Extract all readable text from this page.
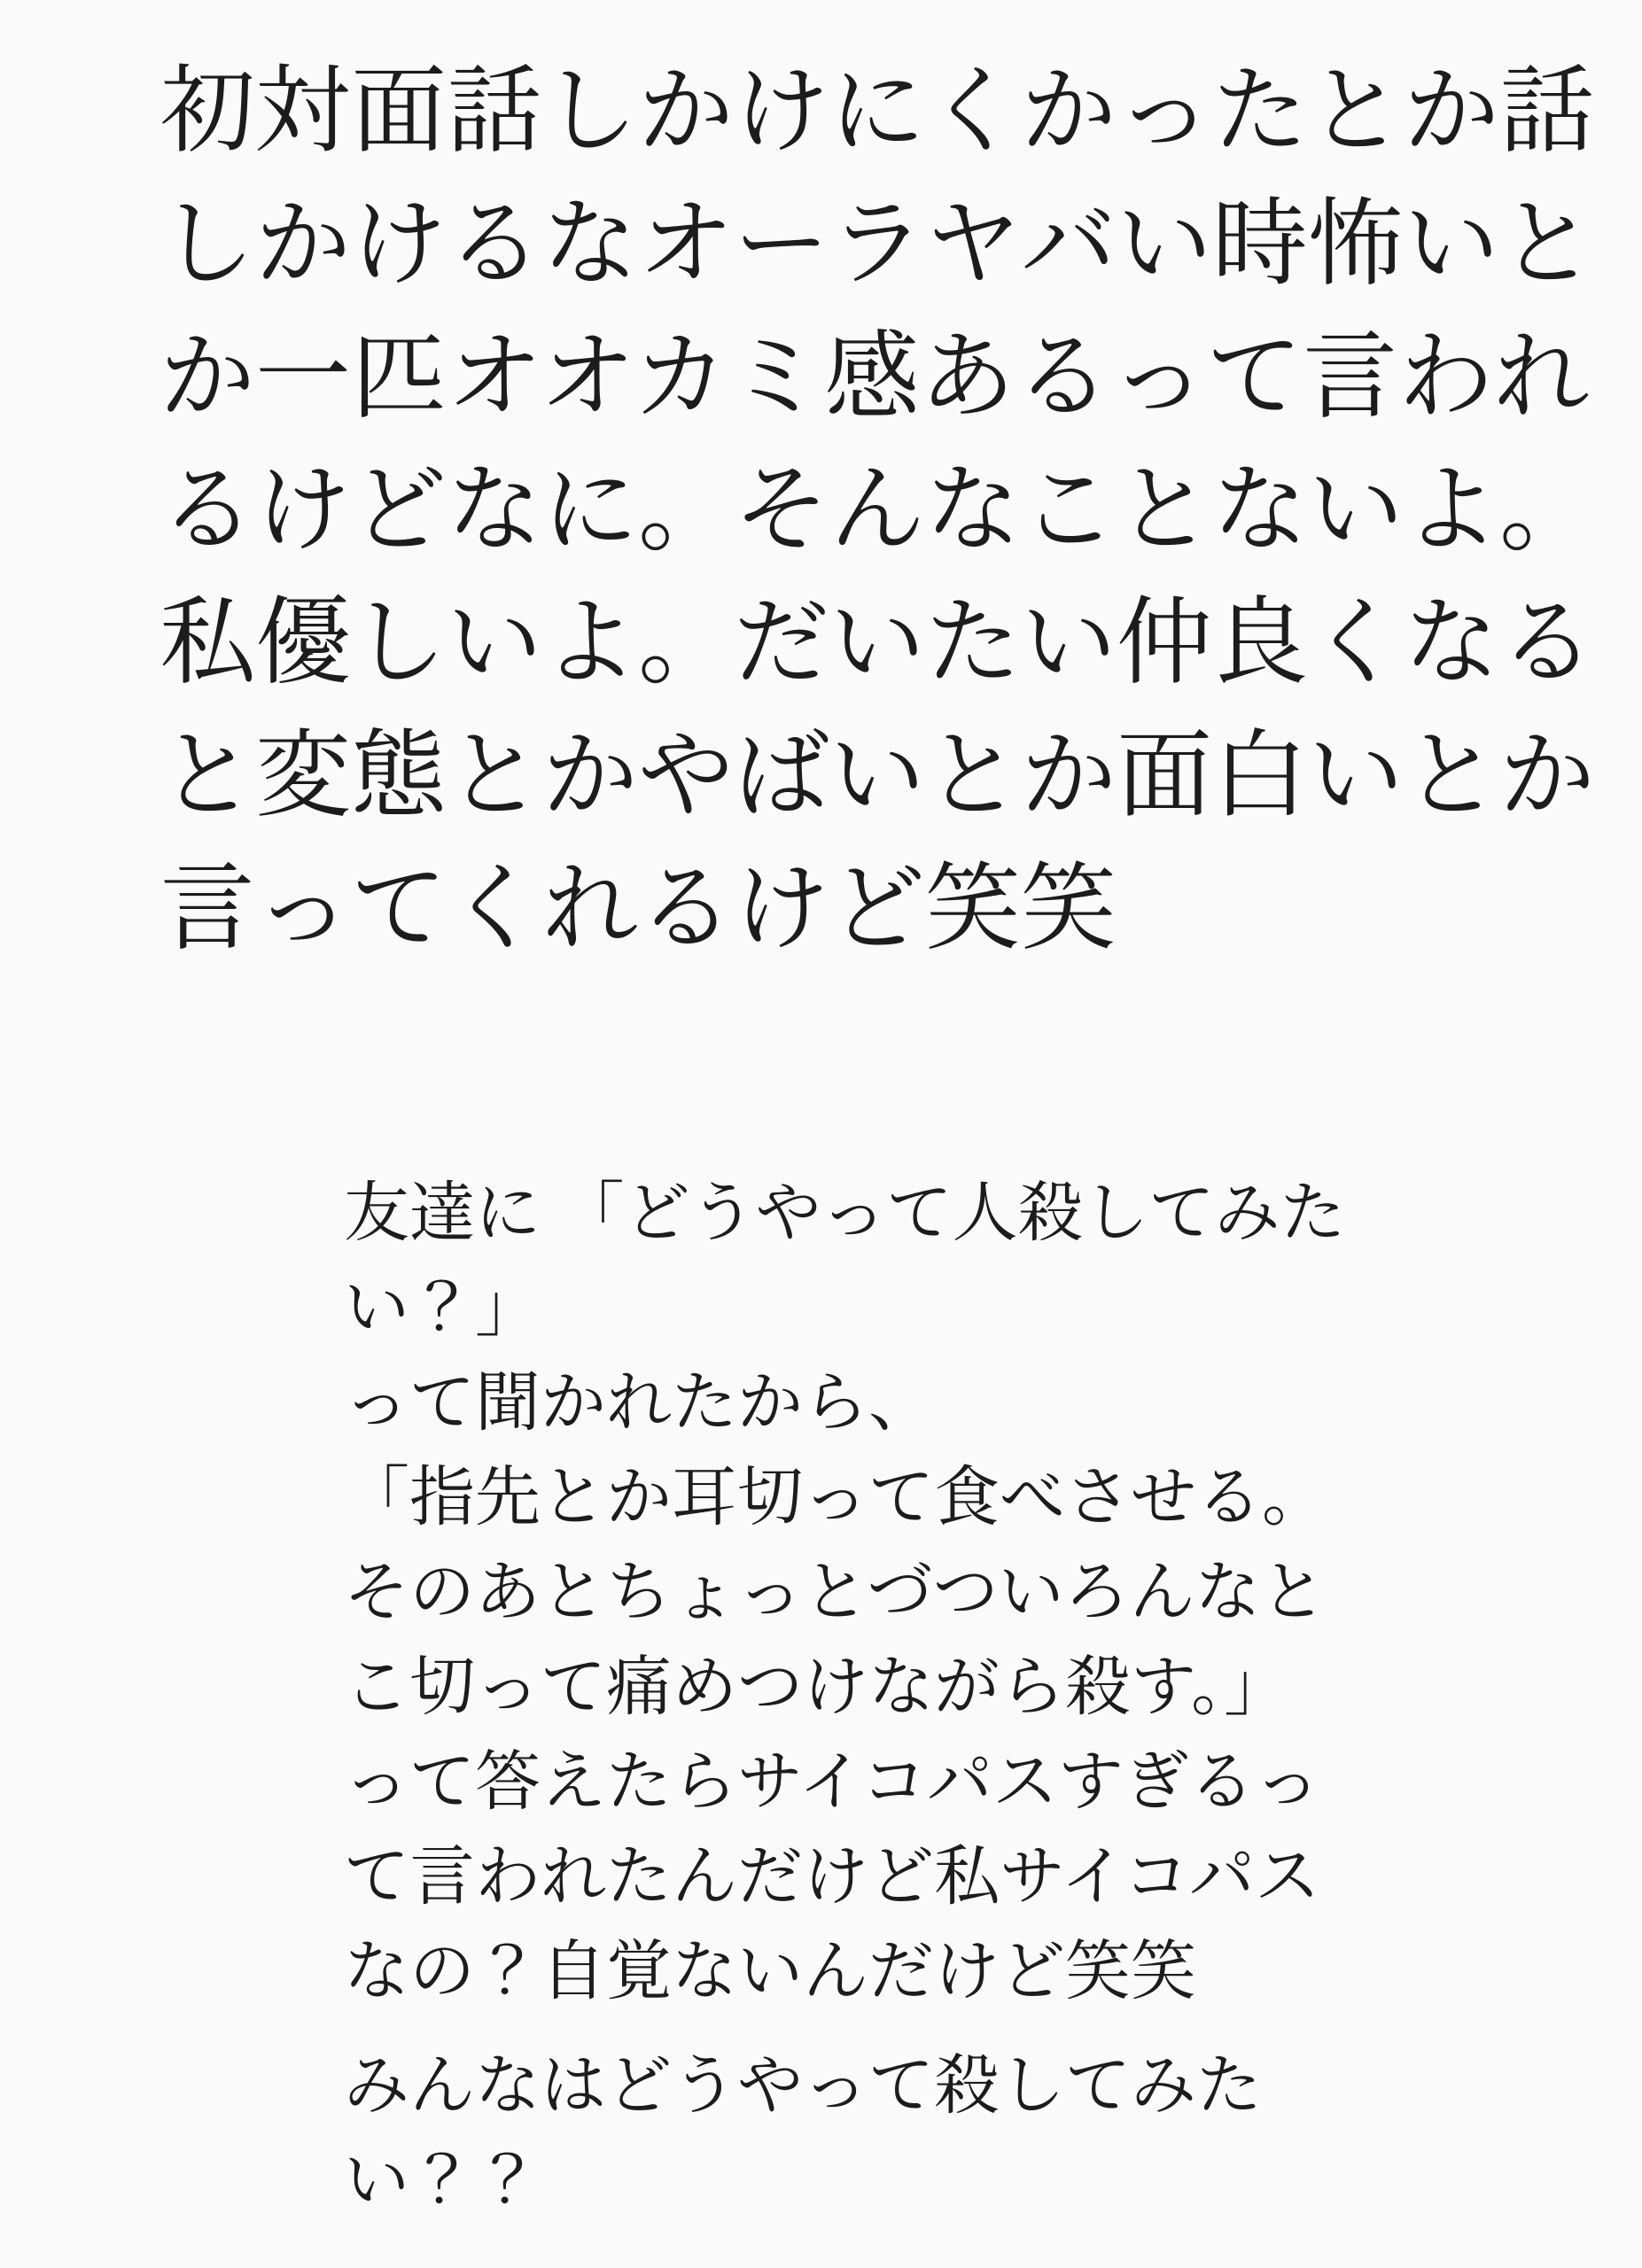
初対面話しかけにくかったとか話
しかけるなオーラヤバい時怖いと
か一匹オオカミ感あるって言われ
るけどなに。そんなことないよ。
私優しいよ。だいたい仲良くなる
と変態とかやばいとか面白いとか
言ってくれるけど笑笑
友達に 「どうやって人殺してみた
い？」
って聞かれたから、
「指先とか耳切って食べさせる。
そのあとちょっとづついろんなと
こ切って痛めつけながら殺す。」
って答えたらサイコパスすぎるっ
て言われたんだけど私サイコパス
なの？自覚ないんだけど笑笑
みんなはどうやって殺してみた
い？？
